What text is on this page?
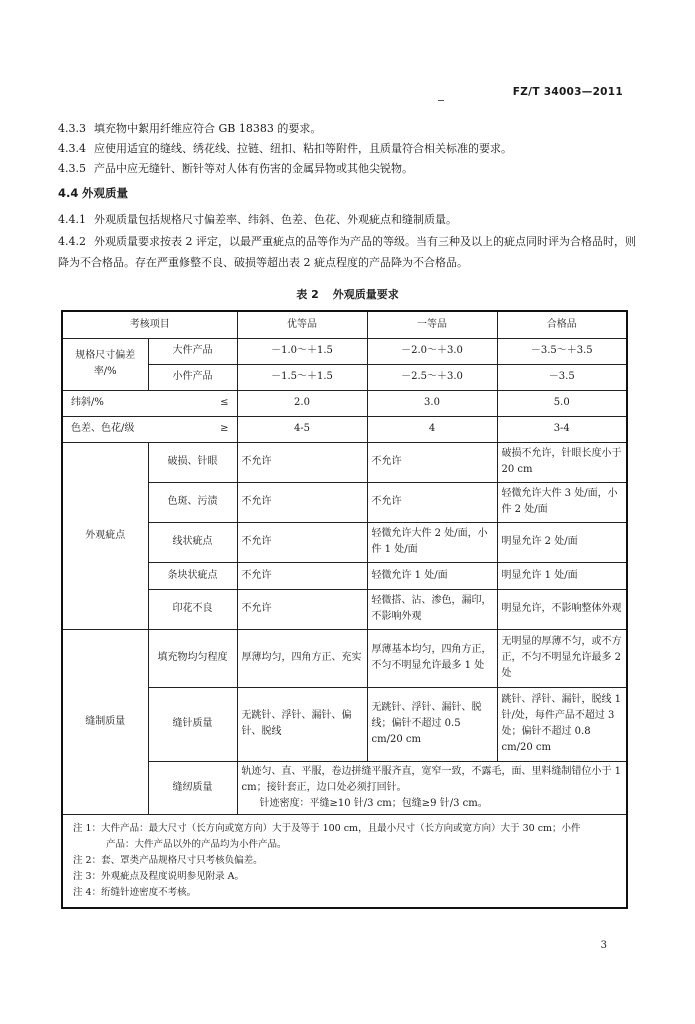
FZ/T 34003—2011
4.3.3 填充物中絮用纤维应符合 GB 18383 的要求。
4.3.4 应使用适宜的缝线、绣花线、拉链、纽扣、粘扣等附件，且质量符合相关标准的要求。
4.3.5 产品中应无缝针、断针等对人体有伤害的金属异物或其他尖锐物。
4.4 外观质量
4.4.1 外观质量包括规格尺寸偏差率、纬斜、色差、色花、外观疵点和缝制质量。
4.4.2 外观质量要求按表 2 评定，以最严重疵点的品等作为产品的等级。当有三种及以上的疵点同时评为合格品时，则降为不合格品。存在严重修整不良、破损等超出表 2 疵点程度的产品降为不合格品。
表 2 外观质量要求
考核项目		优等品	一等品	合格品
规格尺寸偏差率/%	大件产品	－1.0～＋1.5	－2.0～＋3.0	－3.5～＋3.5
	小件产品	－1.5～＋1.5	－2.5～＋3.0	－3.5

纬斜/% ≤		2.0	3.0	5.0

色差、色花/级 ≥		4-5	4	3-4
外观疵点	破损、针眼	不允许	不允许	破损不允许，针眼长度小于 20 cm
	色斑、污渍	不允许	不允许	轻微允许大件 3 处/面，小件 2 处/面
	线状疵点	不允许	轻微允许大件 2 处/面，小件 1 处/面	明显允许 2 处/面
	条块状疵点	不允许	轻微允许 1 处/面	明显允许 1 处/面
	印花不良	不允许	轻微搭、沾、渗色，漏印，不影响外观	明显允许，不影响整体外观
缝制质量	填充物均匀程度	厚薄均匀，四角方正、充实	厚薄基本均匀，四角方正，不匀不明显允许最多 1 处	无明显的厚薄不匀，或不方正，不匀不明显允许最多 2 处
	缝针质量	无跳针、浮针、漏针、偏针、脱线	无跳针、浮针、漏针、脱线；偏针不超过 0.5 cm/20 cm	跳针、浮针、漏针，脱线 1 针/处，每件产品不超过 3 处；偏针不超过 0.8 cm/20 cm
	缝纫质量	轨迹匀、直、平服，卷边拼缝平服齐直，宽窄一致，不露毛，面、里料缝制错位小于 1 cm；接针套正，边口处必须打回针。
针迹密度：平缝≥10 针/3 cm；包缝≥9 针/3 cm。		

注 1：大件产品：最大尺寸（长方向或宽方向）大于及等于 100 cm，且最小尺寸（长方向或宽方向）大于 30 cm；小件
产品：大件产品以外的产品均为小件产品。
注 2：套、罩类产品规格尺寸只考核负偏差。
注 3：外观疵点及程度说明参见附录 A。
注 4：绗缝针迹密度不考核。				
3
